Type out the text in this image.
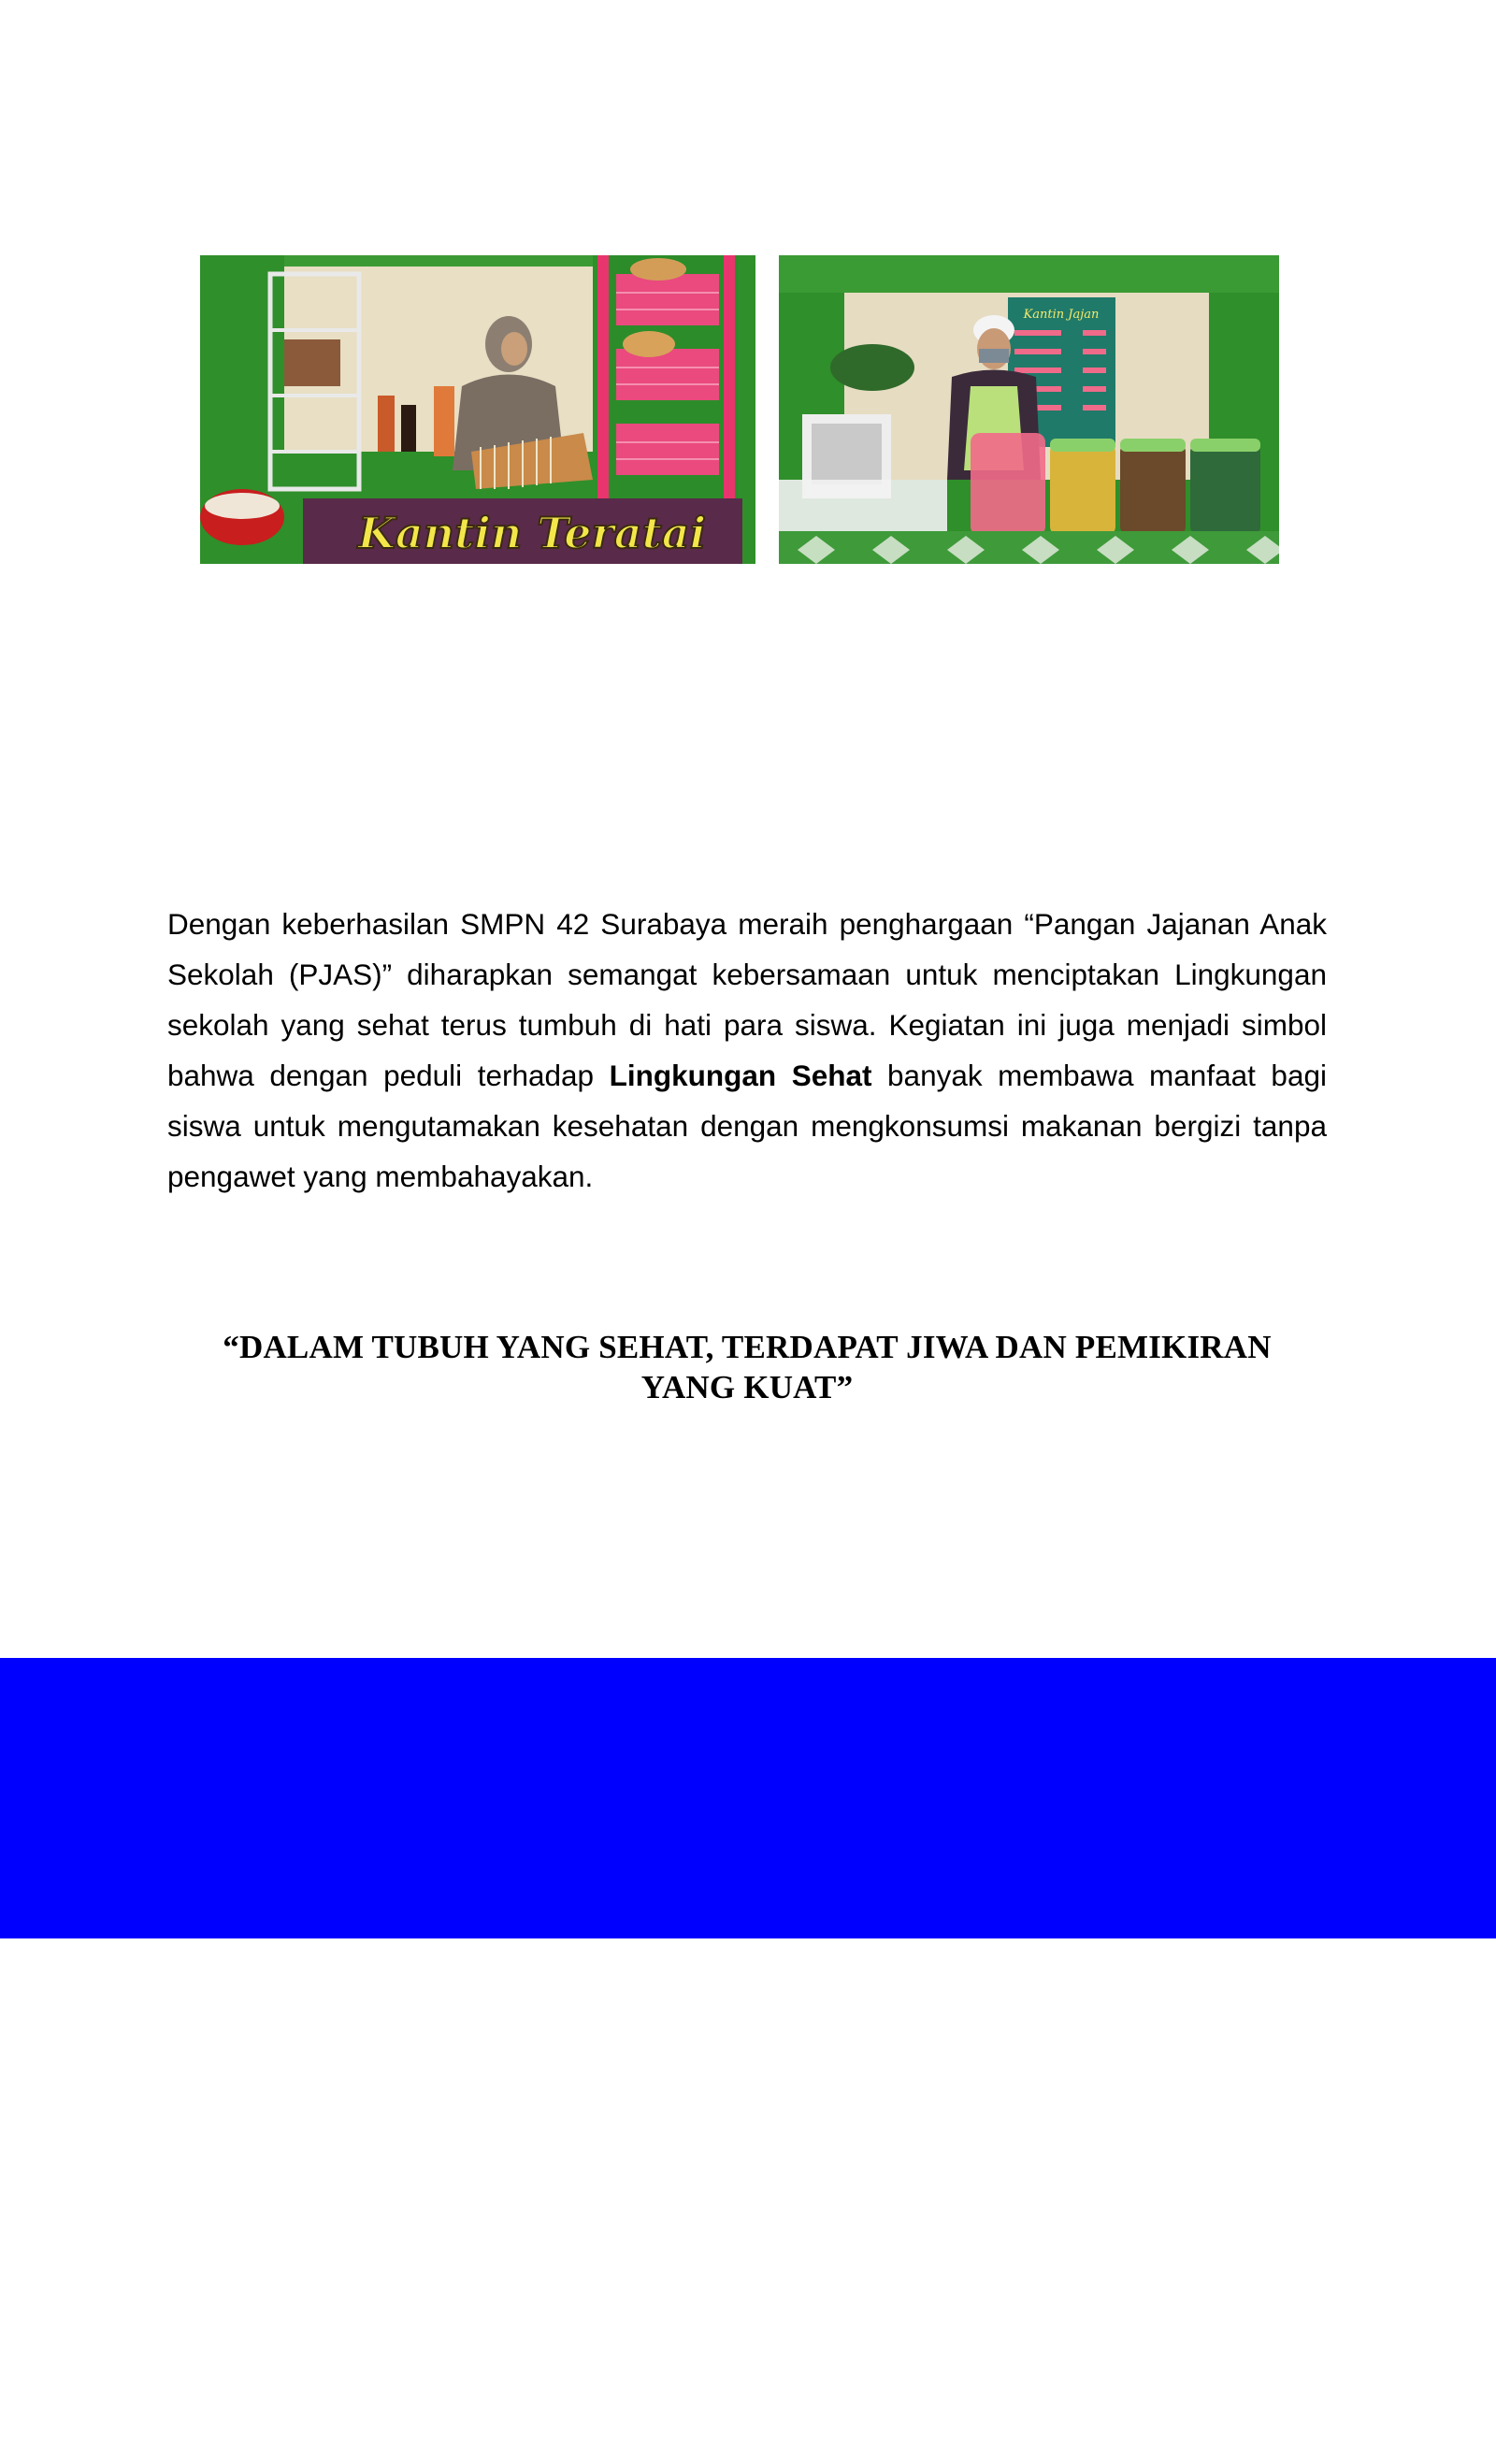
Kantin Teratai
Kantin Jajan

Dengan keberhasilan SMPN 42 Surabaya meraih penghargaan “Pangan Jajanan Anak Sekolah (PJAS)” diharapkan semangat kebersamaan untuk menciptakan Lingkungan sekolah yang sehat terus tumbuh di hati para siswa. Kegiatan ini juga menjadi simbol bahwa dengan peduli terhadap Lingkungan Sehat banyak membawa manfaat bagi siswa untuk mengutamakan kesehatan dengan mengkonsumsi makanan bergizi tanpa pengawet yang membahayakan.

“DALAM TUBUH YANG SEHAT, TERDAPAT JIWA DAN PEMIKIRAN
YANG KUAT”
